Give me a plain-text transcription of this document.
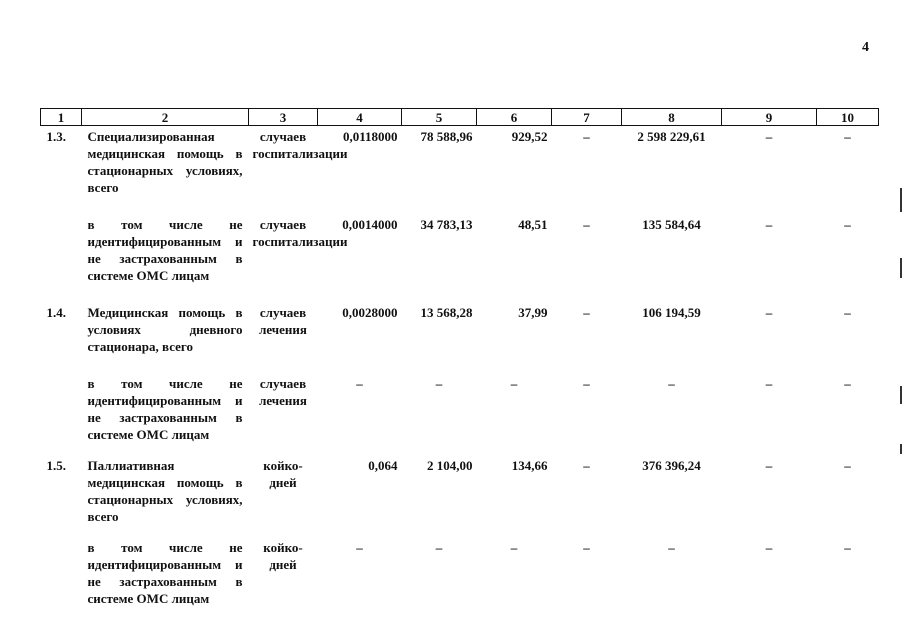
4
1	2	3	4	5	6	7	8	9	10
1.3.	Специализированная медицинская помощь в стационарных условиях, всего	случаев госпитализации	0,0118000	78 588,96	929,52	–	2 598 229,61	–	–

	в том числе не идентифицированным и не застрахованным в системе ОМС лицам	случаев госпитализации	0,0014000	34 783,13	48,51	–	135 584,64	–	–

1.4.	Медицинская помощь в условиях дневного стационара, всего	случаев лечения	0,0028000	13 568,28	37,99	–	106 194,59	–	–

	в том числе не идентифицированным и не застрахованным в системе ОМС лицам	случаев лечения	–	–	–	–	–	–	–

1.5.	Паллиативная медицинская помощь в стационарных условиях, всего	койко-дней	0,064	2 104,00	134,66	–	376 396,24	–	–

	в том числе не идентифицированным и не застрахованным в системе ОМС лицам	койко-дней	–	–	–	–	–	–	–
